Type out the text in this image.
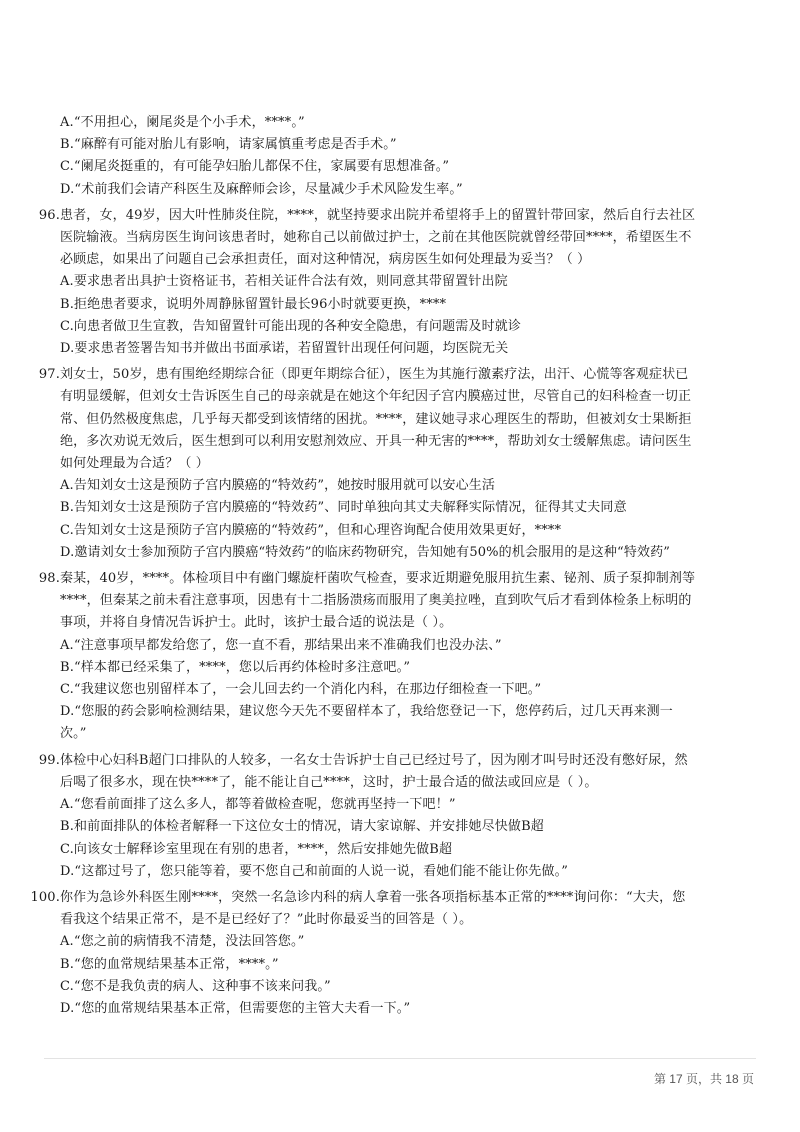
A.“不用担心，阑尾炎是个小手术，****。”
B.“麻醉有可能对胎儿有影响，请家属慎重考虑是否手术。”
C.“阑尾炎挺重的，有可能孕妇胎儿都保不住，家属要有思想准备。”
D.“术前我们会请产科医生及麻醉师会诊，尽量减少手术风险发生率。”
96. 患者，女，49岁，因大叶性肺炎住院，****，就坚持要求出院并希望将手上的留置针带回家，然后自行去社区
医院输液。当病房医生询问该患者时，她称自己以前做过护士，之前在其他医院就曾经带回****，希望医生不
必顾虑，如果出了问题自己会承担责任，面对这种情况，病房医生如何处理最为妥当？（ ）
A.要求患者出具护士资格证书，若相关证件合法有效，则同意其带留置针出院
B.拒绝患者要求，说明外周静脉留置针最长96小时就要更换，****
C.向患者做卫生宣教，告知留置针可能出现的各种安全隐患，有问题需及时就诊
D.要求患者签署告知书并做出书面承诺，若留置针出现任何问题，均医院无关
97. 刘女士，50岁，患有围绝经期综合征（即更年期综合征），医生为其施行激素疗法，出汗、心慌等客观症状已
有明显缓解，但刘女士告诉医生自己的母亲就是在她这个年纪因子宫内膜癌过世，尽管自己的妇科检查一切正
常、但仍然极度焦虑，几乎每天都受到该情绪的困扰。****，建议她寻求心理医生的帮助，但被刘女士果断拒
绝，多次劝说无效后，医生想到可以利用安慰剂效应、开具一种无害的****，帮助刘女士缓解焦虑。请问医生
如何处理最为合适？（ ）
A.告知刘女士这是预防子宫内膜癌的“特效药”，她按时服用就可以安心生活
B.告知刘女士这是预防子宫内膜癌的“特效药”、同时单独向其丈夫解释实际情况，征得其丈夫同意
C.告知刘女士这是预防子宫内膜癌的“特效药”，但和心理咨询配合使用效果更好，****
D.邀请刘女士参加预防子宫内膜癌“特效药”的临床药物研究，告知她有50%的机会服用的是这种“特效药”
98. 秦某，40岁，****。体检项目中有幽门螺旋杆菌吹气检查，要求近期避免服用抗生素、铋剂、质子泵抑制剂等
****，但秦某之前未看注意事项，因患有十二指肠溃疡而服用了奥美拉唑，直到吹气后才看到体检条上标明的
事项，并将自身情况告诉护士。此时，该护士最合适的说法是（ ）。
A.“注意事项早都发给您了，您一直不看，那结果出来不准确我们也没办法、”
B.“样本都已经采集了，****，您以后再约体检时多注意吧。”
C.“我建议您也别留样本了，一会儿回去约一个消化内科，在那边仔细检查一下吧。”
D.“您服的药会影响检测结果，建议您今天先不要留样本了，我给您登记一下，您停药后，过几天再来测一
次。”
99. 体检中心妇科B超门口排队的人较多，一名女士告诉护士自己已经过号了，因为刚才叫号时还没有憋好尿，然
后喝了很多水，现在快****了，能不能让自己****，这时，护士最合适的做法或回应是（ ）。
A.“您看前面排了这么多人，都等着做检查呢，您就再坚持一下吧！”
B.和前面排队的体检者解释一下这位女士的情况，请大家谅解、并安排她尽快做B超
C.向该女士解释诊室里现在有别的患者，****，然后安排她先做B超
D.“这都过号了，您只能等着，要不您自己和前面的人说一说，看她们能不能让你先做。”
100. 你作为急诊外科医生刚****，突然一名急诊内科的病人拿着一张各项指标基本正常的****询问你：“大夫，您
看我这个结果正常不，是不是已经好了？”此时你最妥当的回答是（ ）。
A.“您之前的病情我不清楚，没法回答您。”
B.“您的血常规结果基本正常，****。”
C.“您不是我负责的病人、这种事不该来问我。”
D.“您的血常规结果基本正常，但需要您的主管大夫看一下。”
第 17 页，共 18 页
